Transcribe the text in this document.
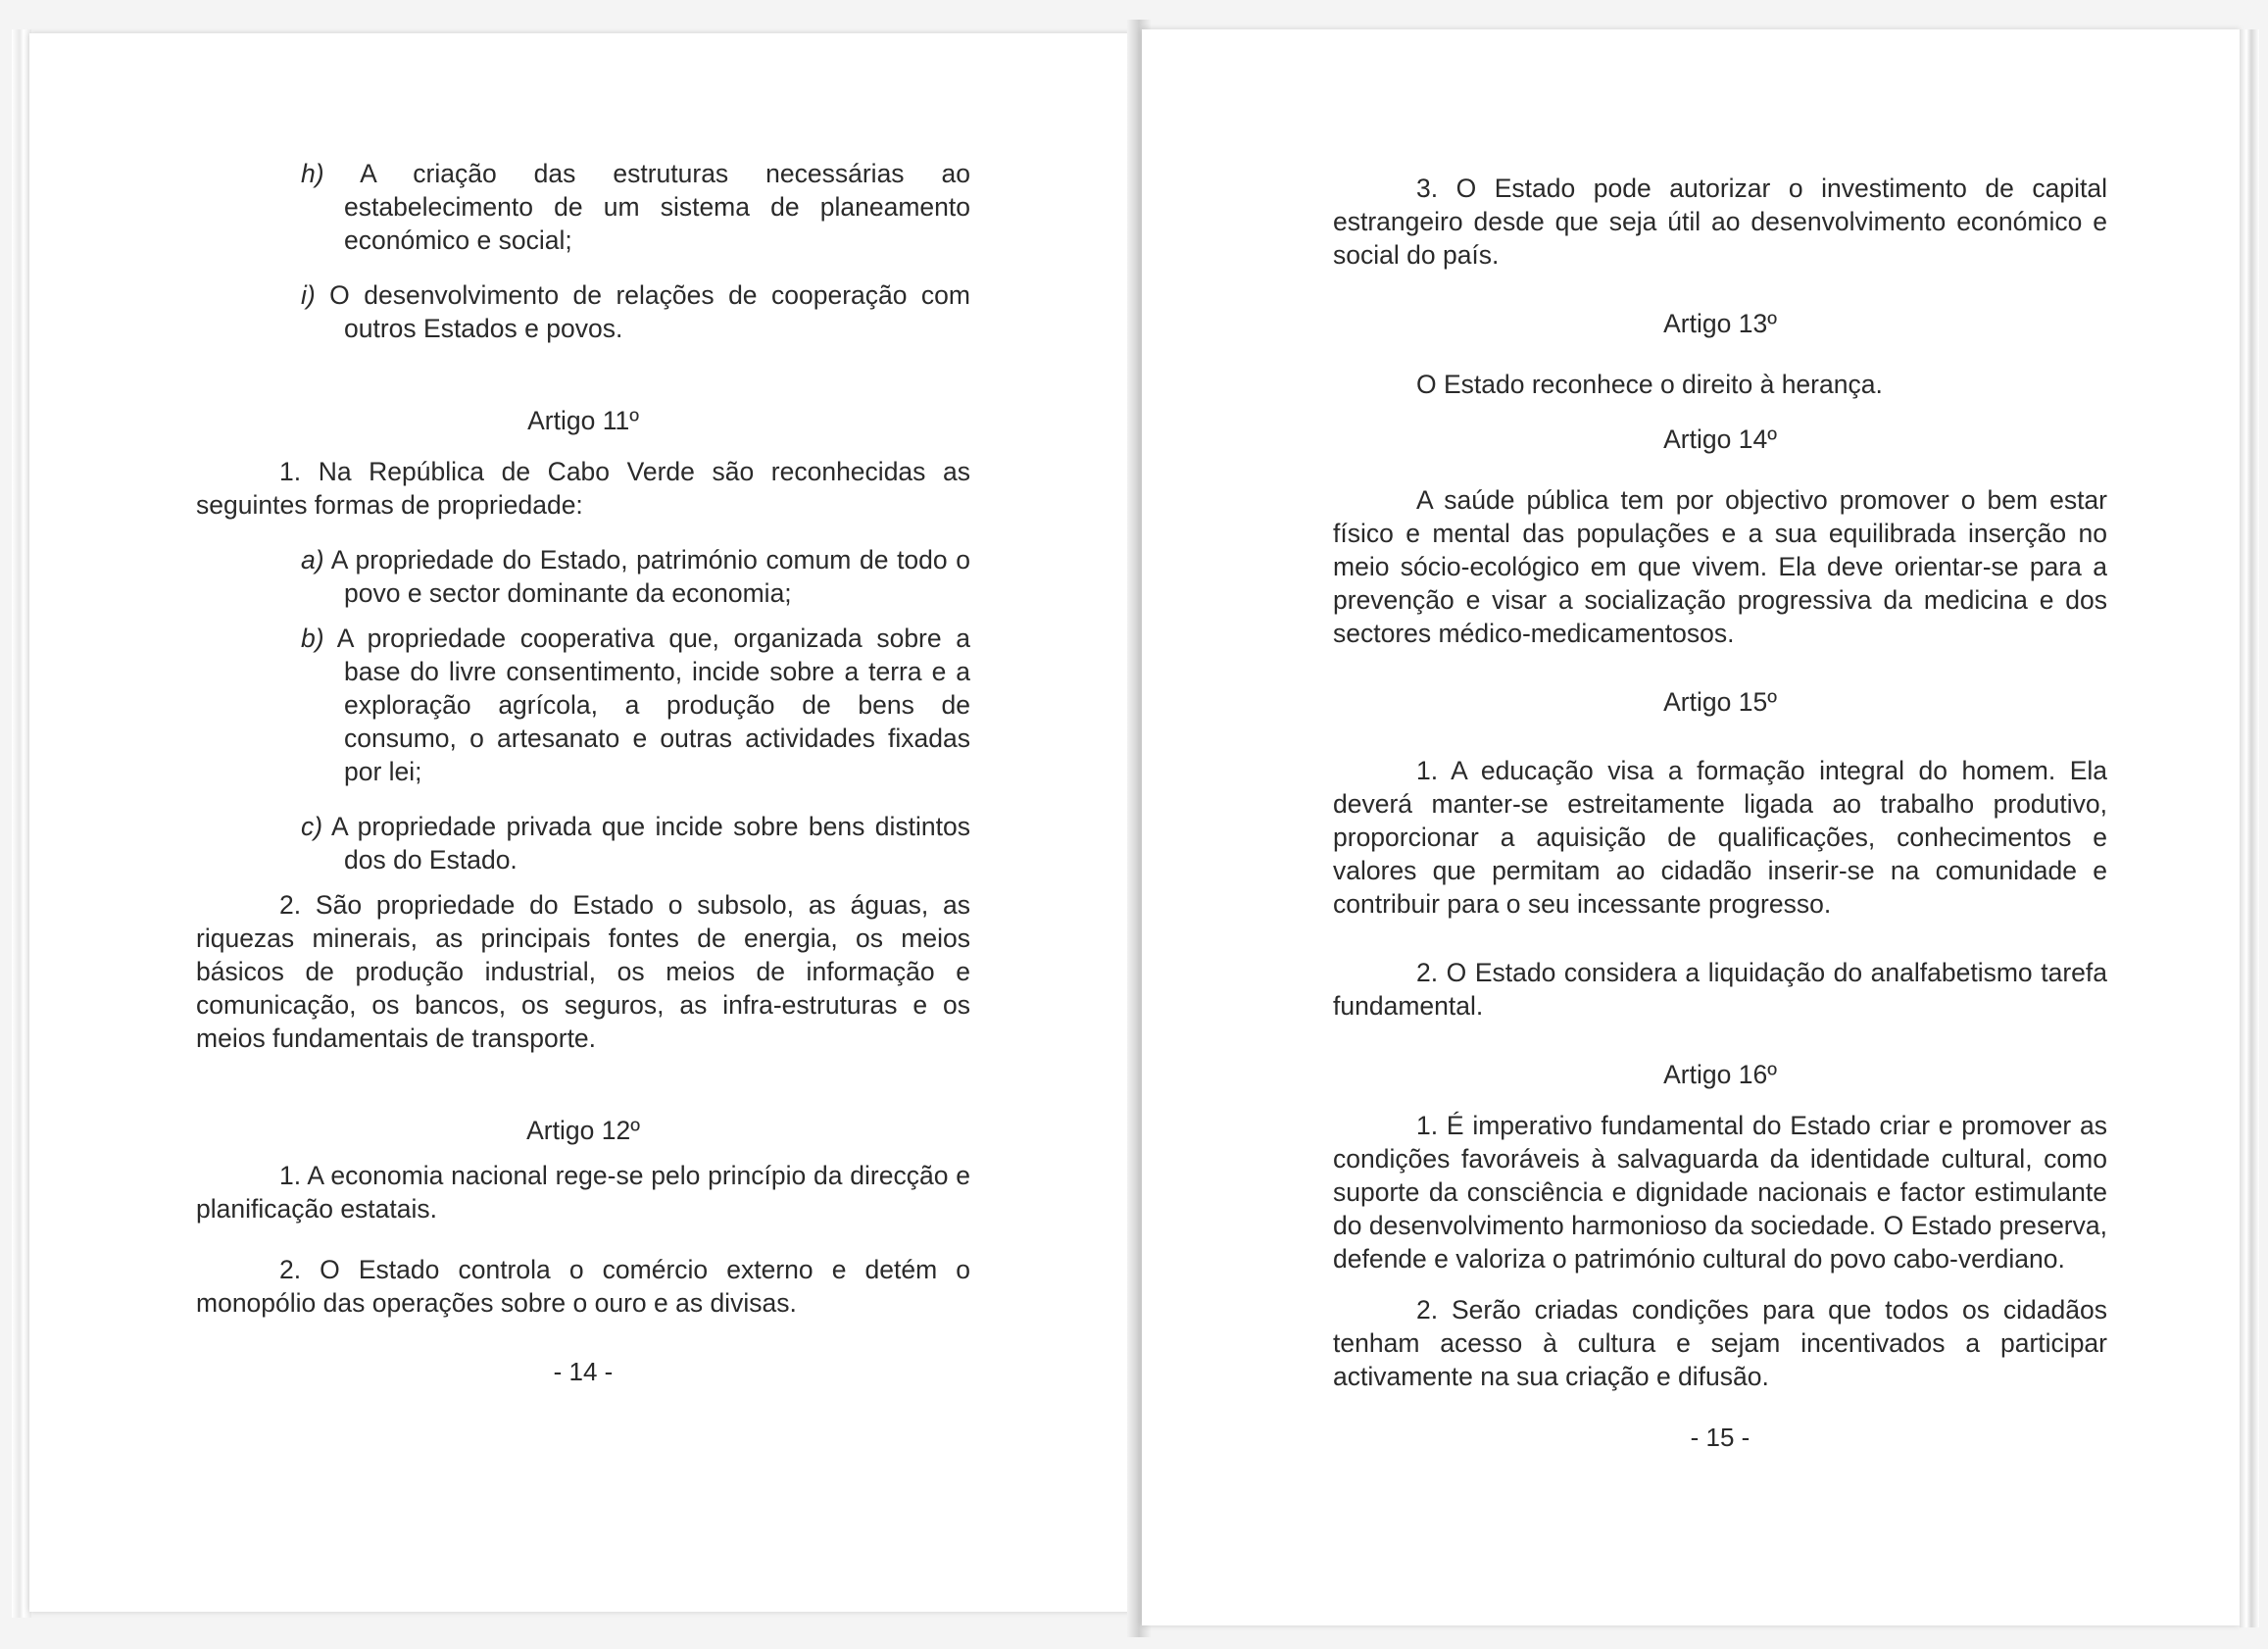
h) A criação das estruturas necessárias ao estabelecimento de um sistema de planeamento económico e social;

i) O desenvolvimento de relações de cooperação com outros Estados e povos.

Artigo 11º

1. Na República de Cabo Verde são reconhecidas as seguintes formas de propriedade:

a) A propriedade do Estado, património comum de todo o povo e sector dominante da economia;

b) A propriedade cooperativa que, organizada sobre a base do livre consentimento, incide sobre a terra e a exploração agrícola, a produção de bens de consumo, o artesanato e outras actividades fixadas por lei;

c) A propriedade privada que incide sobre bens distintos dos do Estado.

2. São propriedade do Estado o subsolo, as águas, as riquezas minerais, as principais fontes de energia, os meios básicos de produção industrial, os meios de informação e comunicação, os bancos, os seguros, as infra-estruturas e os meios fundamentais de transporte.

Artigo 12º

1. A economia nacional rege-se pelo princípio da direcção e planificação estatais.

2. O Estado controla o comércio externo e detém o monopólio das operações sobre o ouro e as divisas.

- 14 -

3. O Estado pode autorizar o investimento de capital estrangeiro desde que seja útil ao desenvolvimento económico e social do país.

Artigo 13º

O Estado reconhece o direito à herança.

Artigo 14º

A saúde pública tem por objectivo promover o bem estar físico e mental das populações e a sua equilibrada inserção no meio sócio-ecológico em que vivem. Ela deve orientar-se para a prevenção e visar a socialização progressiva da medicina e dos sectores médico-medicamentosos.

Artigo 15º

1. A educação visa a formação integral do homem. Ela deverá manter-se estreitamente ligada ao trabalho produtivo, proporcionar a aquisição de qualificações, conhecimentos e valores que permitam ao cidadão inserir-se na comunidade e contribuir para o seu incessante progresso.

2. O Estado considera a liquidação do analfabetismo tarefa fundamental.

Artigo 16º

1. É imperativo fundamental do Estado criar e promover as condições favoráveis à salvaguarda da identidade cultural, como suporte da consciência e dignidade nacionais e factor estimulante do desenvolvimento harmonioso da sociedade. O Estado preserva, defende e valoriza o património cultural do povo cabo-verdiano.

2. Serão criadas condições para que todos os cidadãos tenham acesso à cultura e sejam incentivados a participar activamente na sua criação e difusão.

- 15 -
